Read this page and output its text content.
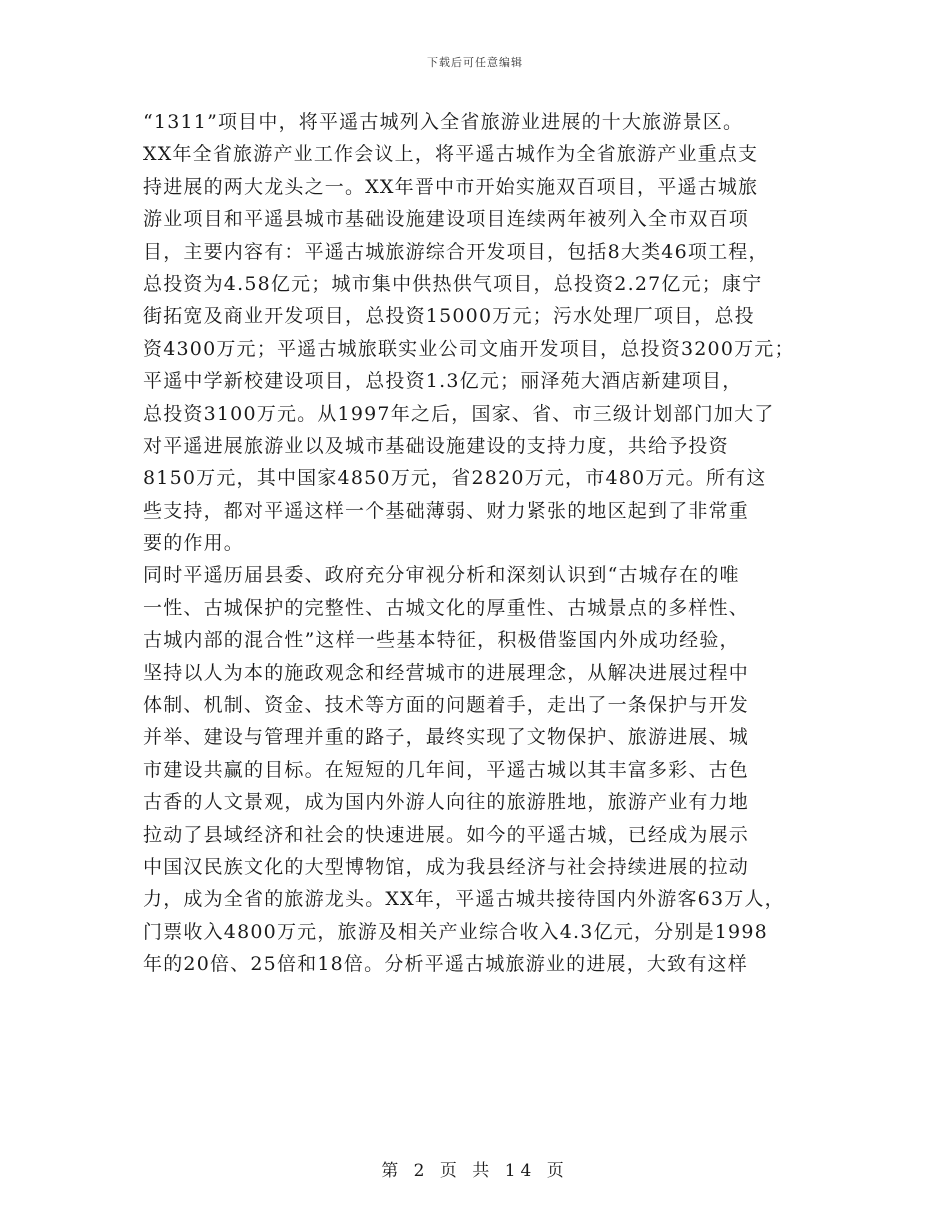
下载后可任意编辑
“1311”项目中，将平遥古城列入全省旅游业进展的十大旅游景区。
XX年全省旅游产业工作会议上，将平遥古城作为全省旅游产业重点支
持进展的两大龙头之一。XX年晋中市开始实施双百项目，平遥古城旅
游业项目和平遥县城市基础设施建设项目连续两年被列入全市双百项
目，主要内容有：平遥古城旅游综合开发项目，包括8大类46项工程，
总投资为4.58亿元；城市集中供热供气项目，总投资2.27亿元；康宁
街拓宽及商业开发项目，总投资15000万元；污水处理厂项目，总投
资4300万元；平遥古城旅联实业公司文庙开发项目，总投资3200万元；
平遥中学新校建设项目，总投资1.3亿元；丽泽苑大酒店新建项目，
总投资3100万元。从1997年之后，国家、省、市三级计划部门加大了
对平遥进展旅游业以及城市基础设施建设的支持力度，共给予投资
8150万元，其中国家4850万元，省2820万元，市480万元。所有这
些支持，都对平遥这样一个基础薄弱、财力紧张的地区起到了非常重
要的作用。
同时平遥历届县委、政府充分审视分析和深刻认识到“古城存在的唯
一性、古城保护的完整性、古城文化的厚重性、古城景点的多样性、
古城内部的混合性”这样一些基本特征，积极借鉴国内外成功经验，
坚持以人为本的施政观念和经营城市的进展理念，从解决进展过程中
体制、机制、资金、技术等方面的问题着手，走出了一条保护与开发
并举、建设与管理并重的路子，最终实现了文物保护、旅游进展、城
市建设共赢的目标。在短短的几年间，平遥古城以其丰富多彩、古色
古香的人文景观，成为国内外游人向往的旅游胜地，旅游产业有力地
拉动了县域经济和社会的快速进展。如今的平遥古城，已经成为展示
中国汉民族文化的大型博物馆，成为我县经济与社会持续进展的拉动
力，成为全省的旅游龙头。XX年，平遥古城共接待国内外游客63万人，
门票收入4800万元，旅游及相关产业综合收入4.3亿元，分别是1998
年的20倍、25倍和18倍。分析平遥古城旅游业的进展，大致有这样
第 2 页 共 14 页
